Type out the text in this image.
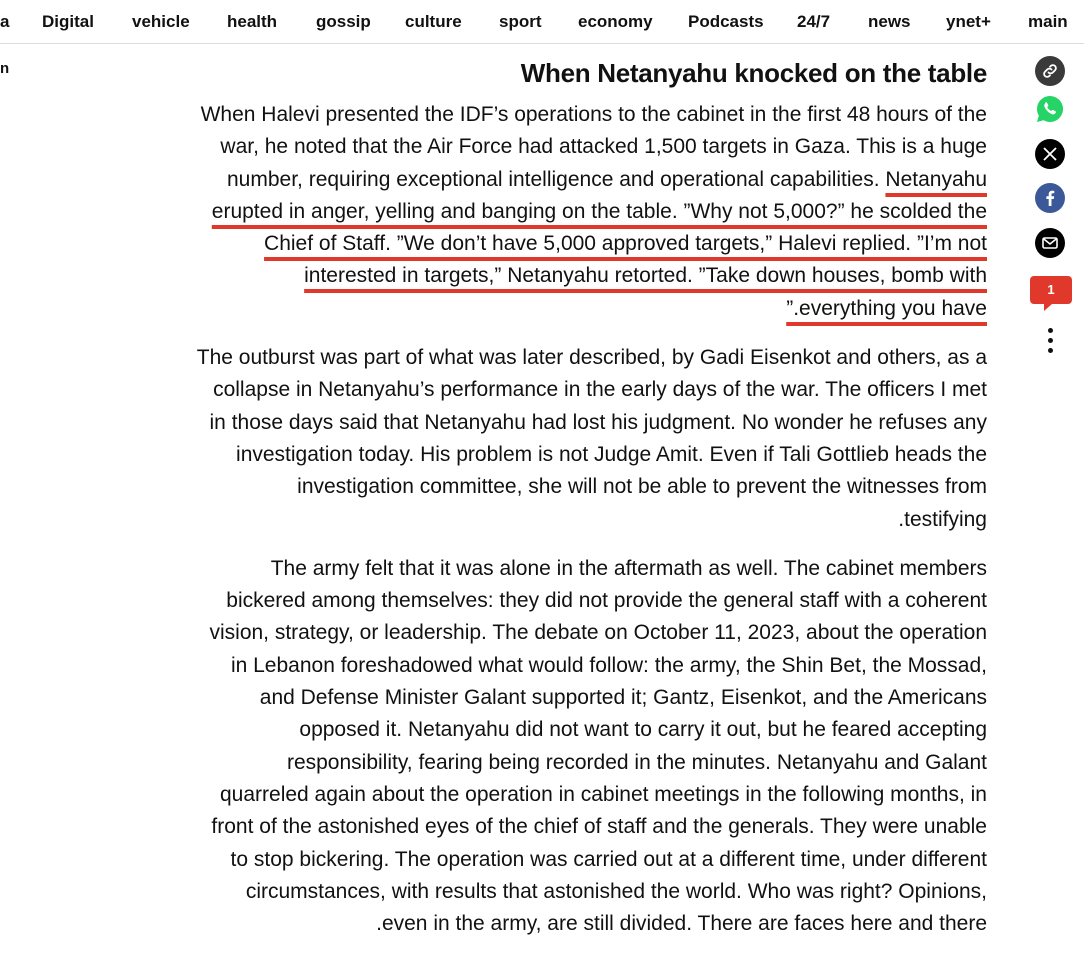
a Digital vehicle health gossip culture sport economy Podcasts 24/7 news ynet+ main
n	When Netanyahu knocked on the table

When Halevi presented the IDF’s operations to the cabinet in the first 48 hours of the
war, he noted that the Air Force had attacked 1,500 targets in Gaza. This is a huge
number, requiring exceptional intelligence and operational capabilities. Netanyahu
erupted in anger, yelling and banging on the table. ”Why not 5,000?” he scolded the
Chief of Staff. ”We don’t have 5,000 approved targets,” Halevi replied. ”I’m not
interested in targets,” Netanyahu retorted. ”Take down houses, bomb with
”.everything you have

The outburst was part of what was later described, by Gadi Eisenkot and others, as a
collapse in Netanyahu’s performance in the early days of the war. The officers I met
in those days said that Netanyahu had lost his judgment. No wonder he refuses any
investigation today. His problem is not Judge Amit. Even if Tali Gottlieb heads the
investigation committee, she will not be able to prevent the witnesses from
.testifying

The army felt that it was alone in the aftermath as well. The cabinet members
bickered among themselves: they did not provide the general staff with a coherent
vision, strategy, or leadership. The debate on October 11, 2023, about the operation
in Lebanon foreshadowed what would follow: the army, the Shin Bet, the Mossad,
and Defense Minister Galant supported it; Gantz, Eisenkot, and the Americans
opposed it. Netanyahu did not want to carry it out, but he feared accepting
responsibility, fearing being recorded in the minutes. Netanyahu and Galant
quarreled again about the operation in cabinet meetings in the following months, in
front of the astonished eyes of the chief of staff and the generals. They were unable
to stop bickering. The operation was carried out at a different time, under different
circumstances, with results that astonished the world. Who was right? Opinions,
.even in the army, are still divided. There are faces here and there

1
